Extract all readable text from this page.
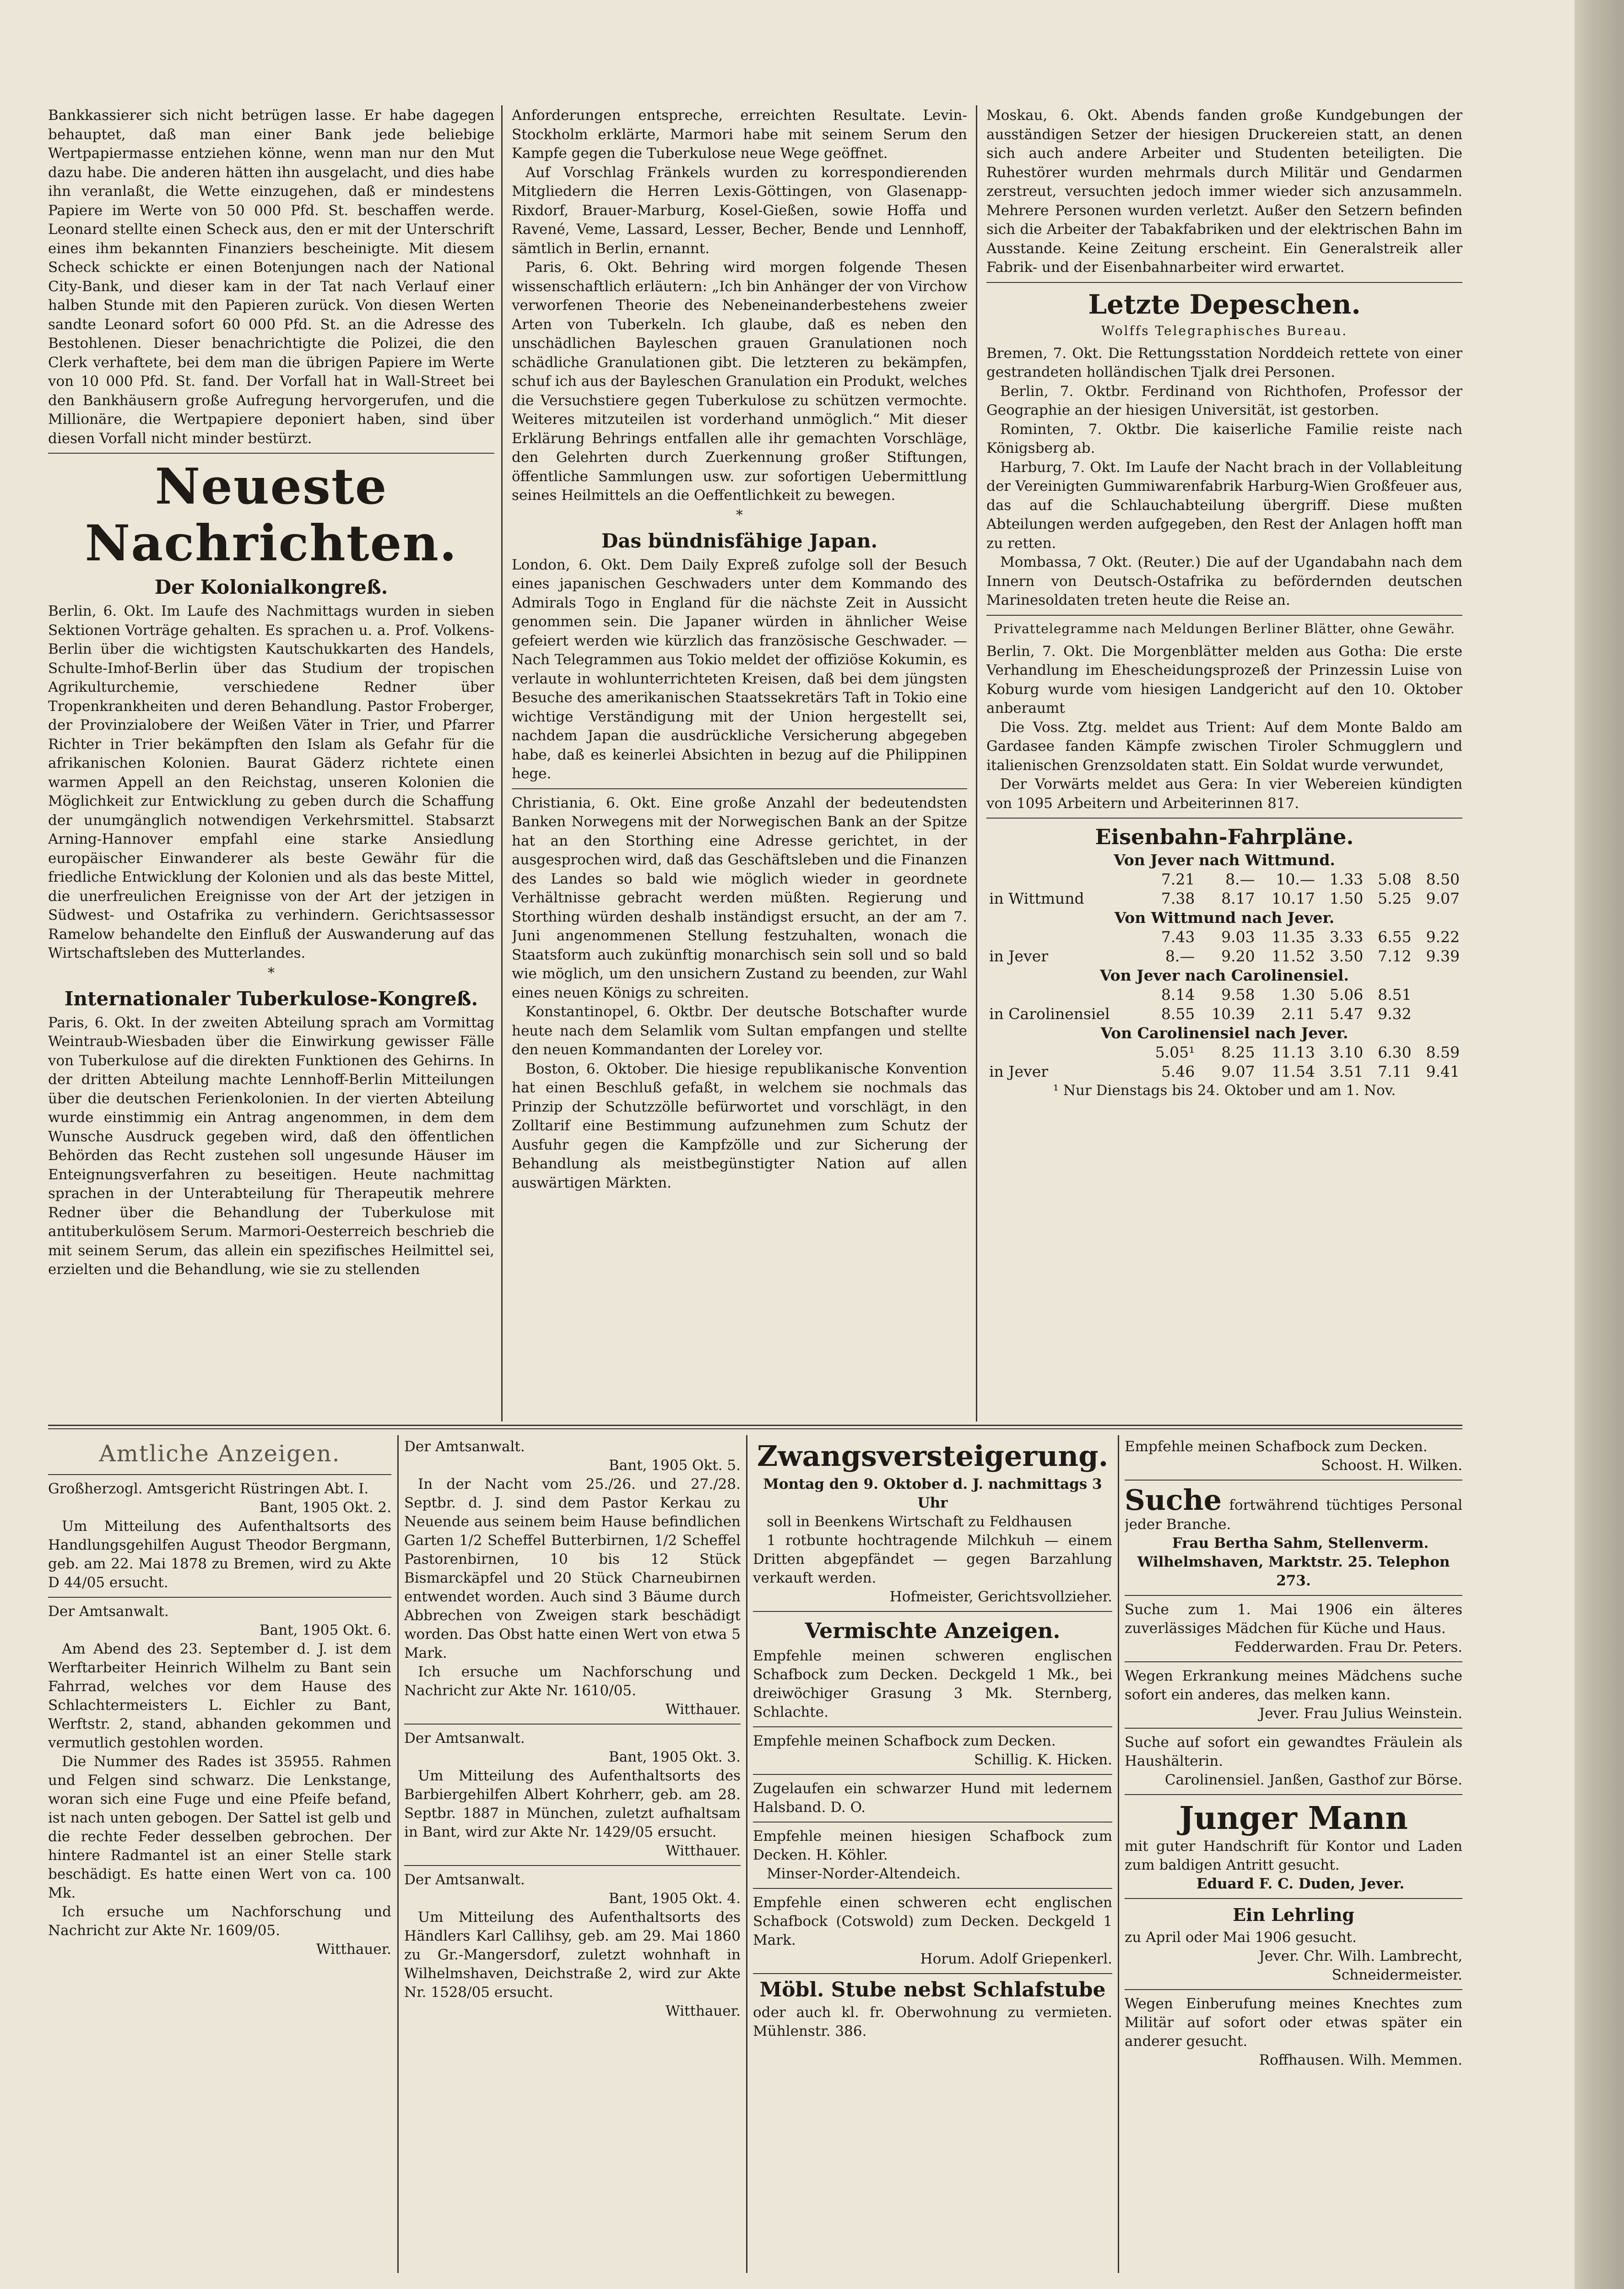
Bankkassierer sich nicht betrügen lasse. Er habe dagegen behauptet, daß man einer Bank jede beliebige Wertpapiermasse entziehen könne, wenn man nur den Mut dazu habe. Die anderen hätten ihn ausgelacht, und dies habe ihn veranlaßt, die Wette einzugehen, daß er mindestens Papiere im Werte von 50 000 Pfd. St. beschaffen werde. Leonard stellte einen Scheck aus, den er mit der Unterschrift eines ihm bekannten Finanziers bescheinigte. Mit diesem Scheck schickte er einen Botenjungen nach der National City-Bank, und dieser kam in der Tat nach Verlauf einer halben Stunde mit den Papieren zurück. Von diesen Werten sandte Leonard sofort 60 000 Pfd. St. an die Adresse des Bestohlenen. Dieser benachrichtigte die Polizei, die den Clerk verhaftete, bei dem man die übrigen Papiere im Werte von 10 000 Pfd. St. fand. Der Vorfall hat in Wall-Street bei den Bankhäusern große Aufregung hervorgerufen, und die Millionäre, die Wertpapiere deponiert haben, sind über diesen Vorfall nicht minder bestürzt.

Neueste Nachrichten.

Der Kolonialkongreß.

Berlin, 6. Okt. Im Laufe des Nachmittags wurden in sieben Sektionen Vorträge gehalten. Es sprachen u. a. Prof. Volkens-Berlin über die wichtigsten Kautschukkarten des Handels, Schulte-Imhof-Berlin über das Studium der tropischen Agrikulturchemie, verschiedene Redner über Tropenkrankheiten und deren Behandlung. Pastor Froberger, der Provinzialobere der Weißen Väter in Trier, und Pfarrer Richter in Trier bekämpften den Islam als Gefahr für die afrikanischen Kolonien. Baurat Gäderz richtete einen warmen Appell an den Reichstag, unseren Kolonien die Möglichkeit zur Entwicklung zu geben durch die Schaffung der unumgänglich notwendigen Verkehrsmittel. Stabsarzt Arning-Hannover empfahl eine starke Ansiedlung europäischer Einwanderer als beste Gewähr für die friedliche Entwicklung der Kolonien und als das beste Mittel, die unerfreulichen Ereignisse von der Art der jetzigen in Südwest- und Ostafrika zu verhindern. Gerichtsassessor Ramelow behandelte den Einfluß der Auswanderung auf das Wirtschaftsleben des Mutterlandes.

*

Internationaler Tuberkulose-Kongreß.

Paris, 6. Okt. In der zweiten Abteilung sprach am Vormittag Weintraub-Wiesbaden über die Einwirkung gewisser Fälle von Tuberkulose auf die direkten Funktionen des Gehirns. In der dritten Abteilung machte Lennhoff-Berlin Mitteilungen über die deutschen Ferienkolonien. In der vierten Abteilung wurde einstimmig ein Antrag angenommen, in dem dem Wunsche Ausdruck gegeben wird, daß den öffentlichen Behörden das Recht zustehen soll ungesunde Häuser im Enteignungsverfahren zu beseitigen. Heute nachmittag sprachen in der Unterabteilung für Therapeutik mehrere Redner über die Behandlung der Tuberkulose mit antituberkulösem Serum. Marmori-Oesterreich beschrieb die mit seinem Serum, das allein ein spezifisches Heilmittel sei, erzielten und die Behandlung, wie sie zu stellenden

Anforderungen entspreche, erreichten Resultate. Levin-Stockholm erklärte, Marmori habe mit seinem Serum den Kampfe gegen die Tuberkulose neue Wege geöffnet.

Auf Vorschlag Fränkels wurden zu korrespondierenden Mitgliedern die Herren Lexis-Göttingen, von Glasenapp-Rixdorf, Brauer-Marburg, Kosel-Gießen, sowie Hoffa und Ravené, Veme, Lassard, Lesser, Becher, Bende und Lennhoff, sämtlich in Berlin, ernannt.

Paris, 6. Okt. Behring wird morgen folgende Thesen wissenschaftlich erläutern: „Ich bin Anhänger der von Virchow verworfenen Theorie des Nebeneinanderbestehens zweier Arten von Tuberkeln. Ich glaube, daß es neben den unschädlichen Bayleschen grauen Granulationen noch schädliche Granulationen gibt. Die letzteren zu bekämpfen, schuf ich aus der Bayleschen Granulation ein Produkt, welches die Versuchstiere gegen Tuberkulose zu schützen vermochte. Weiteres mitzuteilen ist vorderhand unmöglich.“ Mit dieser Erklärung Behrings entfallen alle ihr gemachten Vorschläge, den Gelehrten durch Zuerkennung großer Stiftungen, öffentliche Sammlungen usw. zur sofortigen Uebermittlung seines Heilmittels an die Oeffentlichkeit zu bewegen.

*

Das bündnisfähige Japan.

London, 6. Okt. Dem Daily Expreß zufolge soll der Besuch eines japanischen Geschwaders unter dem Kommando des Admirals Togo in England für die nächste Zeit in Aussicht genommen sein. Die Japaner würden in ähnlicher Weise gefeiert werden wie kürzlich das französische Geschwader. — Nach Telegrammen aus Tokio meldet der offiziöse Kokumin, es verlaute in wohlunterrichteten Kreisen, daß bei dem jüngsten Besuche des amerikanischen Staatssekretärs Taft in Tokio eine wichtige Verständigung mit der Union hergestellt sei, nachdem Japan die ausdrückliche Versicherung abgegeben habe, daß es keinerlei Absichten in bezug auf die Philippinen hege.

Christiania, 6. Okt. Eine große Anzahl der bedeutendsten Banken Norwegens mit der Norwegischen Bank an der Spitze hat an den Storthing eine Adresse gerichtet, in der ausgesprochen wird, daß das Geschäftsleben und die Finanzen des Landes so bald wie möglich wieder in geordnete Verhältnisse gebracht werden müßten. Regierung und Storthing würden deshalb inständigst ersucht, an der am 7. Juni angenommenen Stellung festzuhalten, wonach die Staatsform auch zukünftig monarchisch sein soll und so bald wie möglich, um den unsichern Zustand zu beenden, zur Wahl eines neuen Königs zu schreiten.

Konstantinopel, 6. Oktbr. Der deutsche Botschafter wurde heute nach dem Selamlik vom Sultan empfangen und stellte den neuen Kommandanten der Loreley vor.

Boston, 6. Oktober. Die hiesige republikanische Konvention hat einen Beschluß gefaßt, in welchem sie nochmals das Prinzip der Schutzzölle befürwortet und vorschlägt, in den Zolltarif eine Bestimmung aufzunehmen zum Schutz der Ausfuhr gegen die Kampfzölle und zur Sicherung der Behandlung als meistbegünstigter Nation auf allen auswärtigen Märkten.

Moskau, 6. Okt. Abends fanden große Kundgebungen der ausständigen Setzer der hiesigen Druckereien statt, an denen sich auch andere Arbeiter und Studenten beteiligten. Die Ruhestörer wurden mehrmals durch Militär und Gendarmen zerstreut, versuchten jedoch immer wieder sich anzusammeln. Mehrere Personen wurden verletzt. Außer den Setzern befinden sich die Arbeiter der Tabakfabriken und der elektrischen Bahn im Ausstande. Keine Zeitung erscheint. Ein Generalstreik aller Fabrik- und der Eisenbahnarbeiter wird erwartet.

Letzte Depeschen.

Wolffs Telegraphisches Bureau.

Bremen, 7. Okt. Die Rettungsstation Norddeich rettete von einer gestrandeten holländischen Tjalk drei Personen.

Berlin, 7. Oktbr. Ferdinand von Richthofen, Professor der Geographie an der hiesigen Universität, ist gestorben.

Rominten, 7. Oktbr. Die kaiserliche Familie reiste nach Königsberg ab.

Harburg, 7. Okt. Im Laufe der Nacht brach in der Vollableitung der Vereinigten Gummiwarenfabrik Harburg-Wien Großfeuer aus, das auf die Schlauchabteilung übergriff. Diese mußten Abteilungen werden aufgegeben, den Rest der Anlagen hofft man zu retten.

Mombassa, 7 Okt. (Reuter.) Die auf der Ugandabahn nach dem Innern von Deutsch-Ostafrika zu befördernden deutschen Marinesoldaten treten heute die Reise an.

Privattelegramme nach Meldungen Berliner Blätter, ohne Gewähr.

Berlin, 7. Okt. Die Morgenblätter melden aus Gotha: Die erste Verhandlung im Ehescheidungsprozeß der Prinzessin Luise von Koburg wurde vom hiesigen Landgericht auf den 10. Oktober anberaumt

Die Voss. Ztg. meldet aus Trient: Auf dem Monte Baldo am Gardasee fanden Kämpfe zwischen Tiroler Schmugglern und italienischen Grenzsoldaten statt. Ein Soldat wurde verwundet,

Der Vorwärts meldet aus Gera: In vier Webereien kündigten von 1095 Arbeitern und Arbeiterinnen 817.

Eisenbahn-Fahrpläne.

Von Jever nach Wittmund.						
	7.21	8.—	10.—	1.33	5.08	8.50
in Wittmund	7.38	8.17	10.17	1.50	5.25	9.07
Von Wittmund nach Jever.						
	7.43	9.03	11.35	3.33	6.55	9.22
in Jever	8.—	9.20	11.52	3.50	7.12	9.39
Von Jever nach Carolinensiel.						
	8.14	9.58	1.30	5.06	8.51	
in Carolinensiel	8.55	10.39	2.11	5.47	9.32	
Von Carolinensiel nach Jever.						
	5.05¹	8.25	11.13	3.10	6.30	8.59
in Jever	5.46	9.07	11.54	3.51	7.11	9.41

¹ Nur Dienstags bis 24. Oktober und am 1. Nov.

Amtliche Anzeigen.

Großherzogl. Amtsgericht Rüstringen Abt. I.

Bant, 1905 Okt. 2.

Um Mitteilung des Aufenthaltsorts des Handlungsgehilfen August Theodor Bergmann, geb. am 22. Mai 1878 zu Bremen, wird zu Akte D 44/05 ersucht.

Der Amtsanwalt.

Bant, 1905 Okt. 6.

Am Abend des 23. September d. J. ist dem Werftarbeiter Heinrich Wilhelm zu Bant sein Fahrrad, welches vor dem Hause des Schlachtermeisters L. Eichler zu Bant, Werftstr. 2, stand, abhanden gekommen und vermutlich gestohlen worden.

Die Nummer des Rades ist 35955. Rahmen und Felgen sind schwarz. Die Lenkstange, woran sich eine Fuge und eine Pfeife befand, ist nach unten gebogen. Der Sattel ist gelb und die rechte Feder desselben gebrochen. Der hintere Radmantel ist an einer Stelle stark beschädigt. Es hatte einen Wert von ca. 100 Mk.

Ich ersuche um Nachforschung und Nachricht zur Akte Nr. 1609/05.

Witthauer.

Der Amtsanwalt.

Bant, 1905 Okt. 5.

In der Nacht vom 25./26. und 27./28. Septbr. d. J. sind dem Pastor Kerkau zu Neuende aus seinem beim Hause befindlichen Garten 1/2 Scheffel Butterbirnen, 1/2 Scheffel Pastorenbirnen, 10 bis 12 Stück Bismarckäpfel und 20 Stück Charneubirnen entwendet worden. Auch sind 3 Bäume durch Abbrechen von Zweigen stark beschädigt worden. Das Obst hatte einen Wert von etwa 5 Mark.

Ich ersuche um Nachforschung und Nachricht zur Akte Nr. 1610/05.

Witthauer.

Der Amtsanwalt.

Bant, 1905 Okt. 3.

Um Mitteilung des Aufenthaltsorts des Barbiergehilfen Albert Kohrherr, geb. am 28. Septbr. 1887 in München, zuletzt aufhaltsam in Bant, wird zur Akte Nr. 1429/05 ersucht.

Witthauer.

Der Amtsanwalt.

Bant, 1905 Okt. 4.

Um Mitteilung des Aufenthaltsorts des Händlers Karl Callihsy, geb. am 29. Mai 1860 zu Gr.-Mangersdorf, zuletzt wohnhaft in Wilhelmshaven, Deichstraße 2, wird zur Akte Nr. 1528/05 ersucht.

Witthauer.

Zwangsversteigerung.

Montag den 9. Oktober d. J. nachmittags 3 Uhr

soll in Beenkens Wirtschaft zu Feldhausen

1 rotbunte hochtragende Milchkuh — einem Dritten abgepfändet — gegen Barzahlung verkauft werden.

Hofmeister, Gerichtsvollzieher.

Vermischte Anzeigen.

Empfehle meinen schweren englischen Schafbock zum Decken. Deckgeld 1 Mk., bei dreiwöchiger Grasung 3 Mk. Sternberg, Schlachte.

Empfehle meinen Schafbock zum Decken.

Schillig. K. Hicken.

Zugelaufen ein schwarzer Hund mit ledernem Halsband. D. O.

Empfehle meinen hiesigen Schafbock zum Decken. H. Köhler.

Minser-Norder-Altendeich.

Empfehle einen schweren echt englischen Schafbock (Cotswold) zum Decken. Deckgeld 1 Mark.

Horum. Adolf Griepenkerl.

Möbl. Stube nebst Schlafstube

oder auch kl. fr. Oberwohnung zu vermieten. Mühlenstr. 386.

Empfehle meinen Schafbock zum Decken.

Schoost. H. Wilken.

Suche fortwährend tüchtiges Personal jeder Branche.

Frau Bertha Sahm, Stellenverm. Wilhelmshaven, Marktstr. 25. Telephon 273.

Suche zum 1. Mai 1906 ein älteres zuverlässiges Mädchen für Küche und Haus.

Fedderwarden. Frau Dr. Peters.

Wegen Erkrankung meines Mädchens suche sofort ein anderes, das melken kann.

Jever. Frau Julius Weinstein.

Suche auf sofort ein gewandtes Fräulein als Haushälterin.

Carolinensiel. Janßen, Gasthof zur Börse.

Junger Mann

mit guter Handschrift für Kontor und Laden zum baldigen Antritt gesucht.

Eduard F. C. Duden, Jever.

Ein Lehrling

zu April oder Mai 1906 gesucht.

Jever. Chr. Wilh. Lambrecht, Schneidermeister.

Wegen Einberufung meines Knechtes zum Militär auf sofort oder etwas später ein anderer gesucht.

Roffhausen. Wilh. Memmen.
